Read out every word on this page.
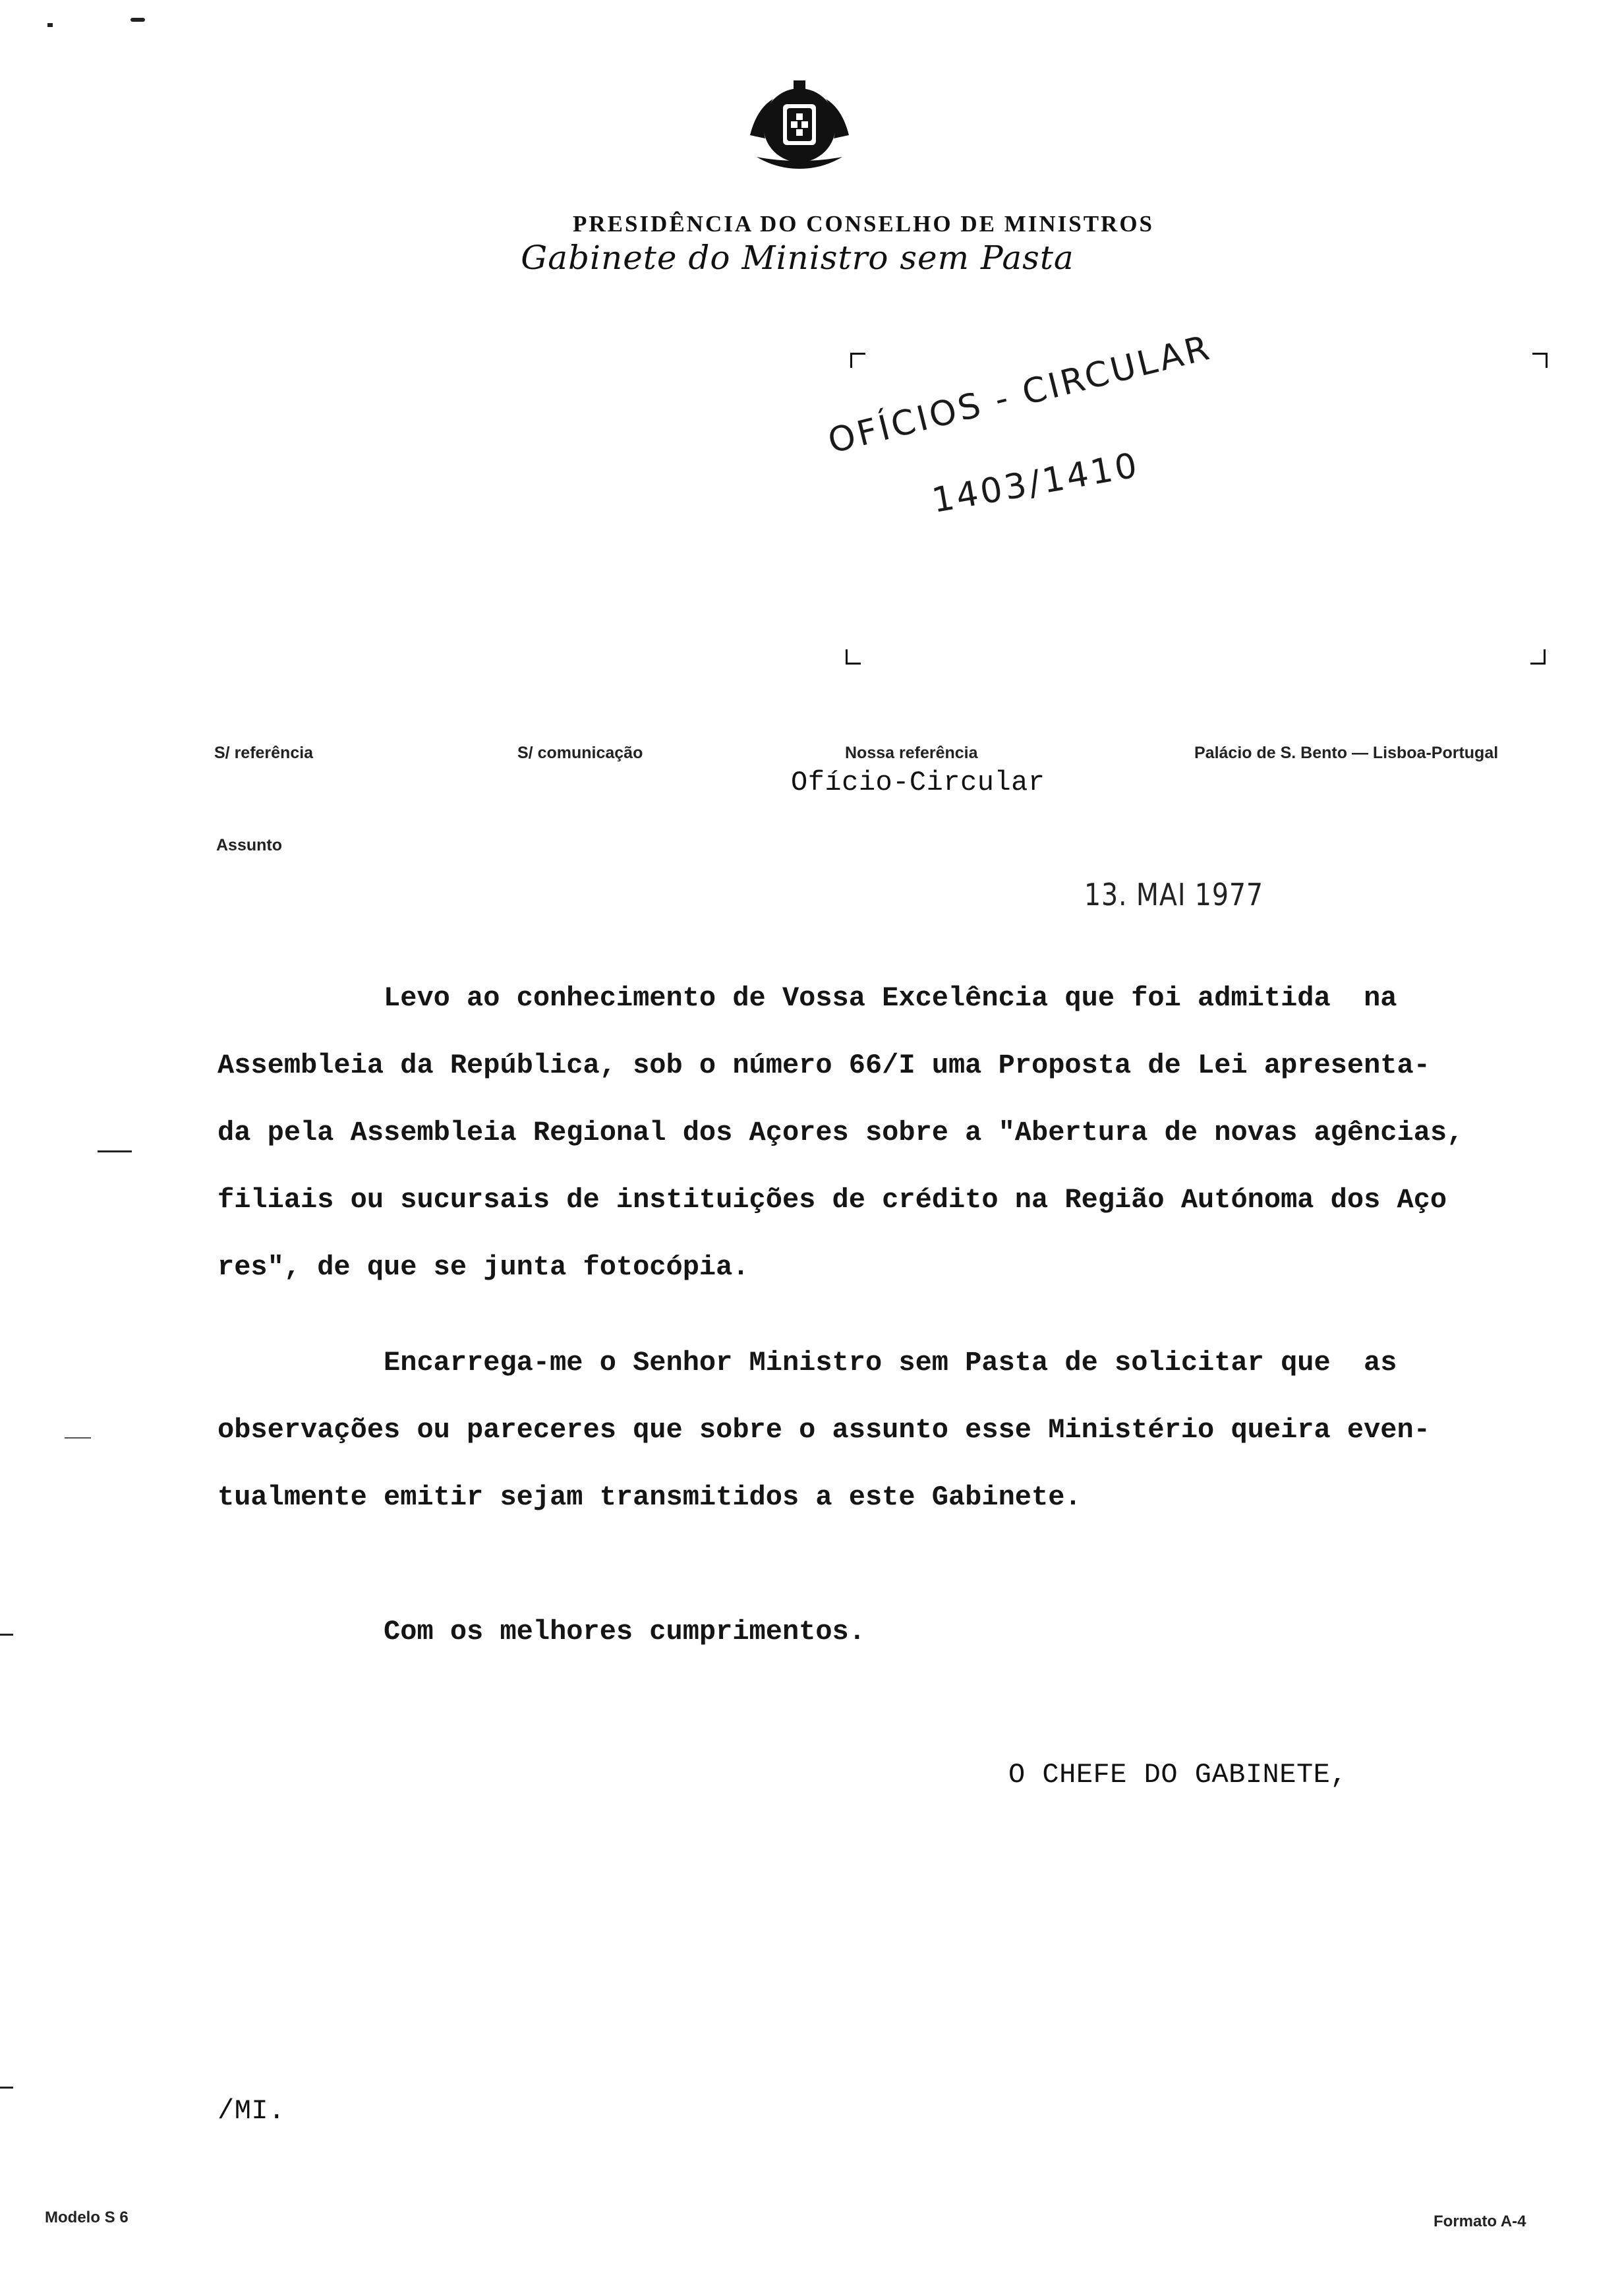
PRESIDÊNCIA DO CONSELHO DE MINISTROS
Gabinete do Ministro sem Pasta
OFÍCIOS - CIRCULAR
1403/1410
S/ referência	S/ comunicação	Nossa referência	Palácio de S. Bento — Lisboa-Portugal
Ofício-Circular
Assunto
13. MAI 1977
Levo ao conhecimento de Vossa Excelência que foi admitida  na
Assembleia da República, sob o número 66/I uma Proposta de Lei apresenta-
da pela Assembleia Regional dos Açores sobre a "Abertura de novas agências,
filiais ou sucursais de instituições de crédito na Região Autónoma dos Aço
res", de que se junta fotocópia.
Encarrega-me o Senhor Ministro sem Pasta de solicitar que  as
observações ou pareceres que sobre o assunto esse Ministério queira even-
tualmente emitir sejam transmitidos a este Gabinete.
Com os melhores cumprimentos.
O CHEFE DO GABINETE,
/MI.
Modelo S 6	Formato A-4
